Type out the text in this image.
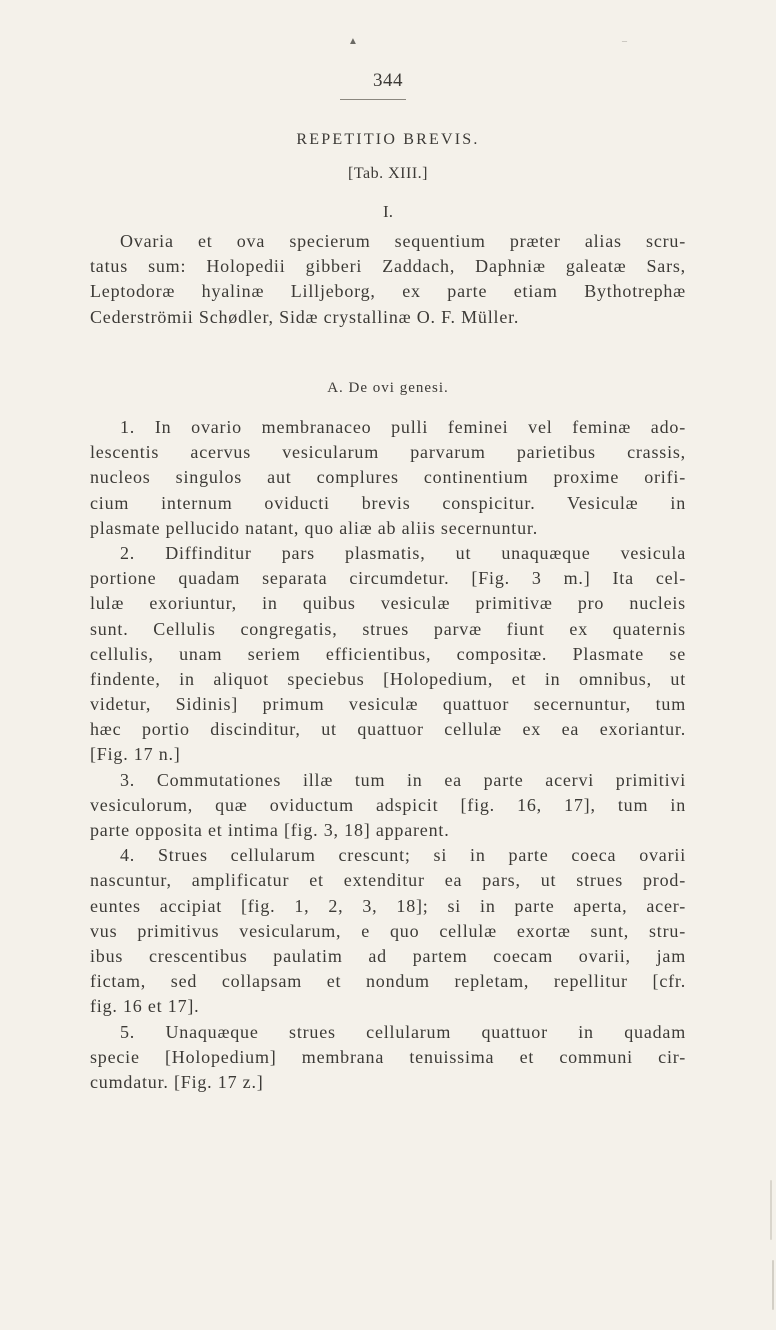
▲	–
344
REPETITIO BREVIS.
[Tab. XIII.]
I.
Ovaria et ova specierum sequentium præter alias scru-
tatus sum: Holopedii gibberi Zaddach, Daphniæ galeatæ Sars,
Leptodoræ hyalinæ Lilljeborg, ex parte etiam Bythotrephæ
Cederströmii Schødler, Sidæ crystallinæ O. F. Müller.
A. De ovi genesi.
1. In ovario membranaceo pulli feminei vel feminæ ado-
lescentis acervus vesicularum parvarum parietibus crassis,
nucleos singulos aut complures continentium proxime orifi-
cium internum oviducti brevis conspicitur. Vesiculæ in
plasmate pellucido natant, quo aliæ ab aliis secernuntur.
2. Diffinditur pars plasmatis, ut unaquæque vesicula
portione quadam separata circumdetur. [Fig. 3 m.] Ita cel-
lulæ exoriuntur, in quibus vesiculæ primitivæ pro nucleis
sunt. Cellulis congregatis, strues parvæ fiunt ex quaternis
cellulis, unam seriem efficientibus, compositæ. Plasmate se
findente, in aliquot speciebus [Holopedium, et in omnibus, ut
videtur, Sidinis] primum vesiculæ quattuor secernuntur, tum
hæc portio discinditur, ut quattuor cellulæ ex ea exoriantur.
[Fig. 17 n.]
3. Commutationes illæ tum in ea parte acervi primitivi
vesiculorum, quæ oviductum adspicit [fig. 16, 17], tum in
parte opposita et intima [fig. 3, 18] apparent.
4. Strues cellularum crescunt; si in parte coeca ovarii
nascuntur, amplificatur et extenditur ea pars, ut strues prod-
euntes accipiat [fig. 1, 2, 3, 18]; si in parte aperta, acer-
vus primitivus vesicularum, e quo cellulæ exortæ sunt, stru-
ibus crescentibus paulatim ad partem coecam ovarii, jam
fictam, sed collapsam et nondum repletam, repellitur [cfr.
fig. 16 et 17].
5. Unaquæque strues cellularum quattuor in quadam
specie [Holopedium] membrana tenuissima et communi cir-
cumdatur. [Fig. 17 z.]
